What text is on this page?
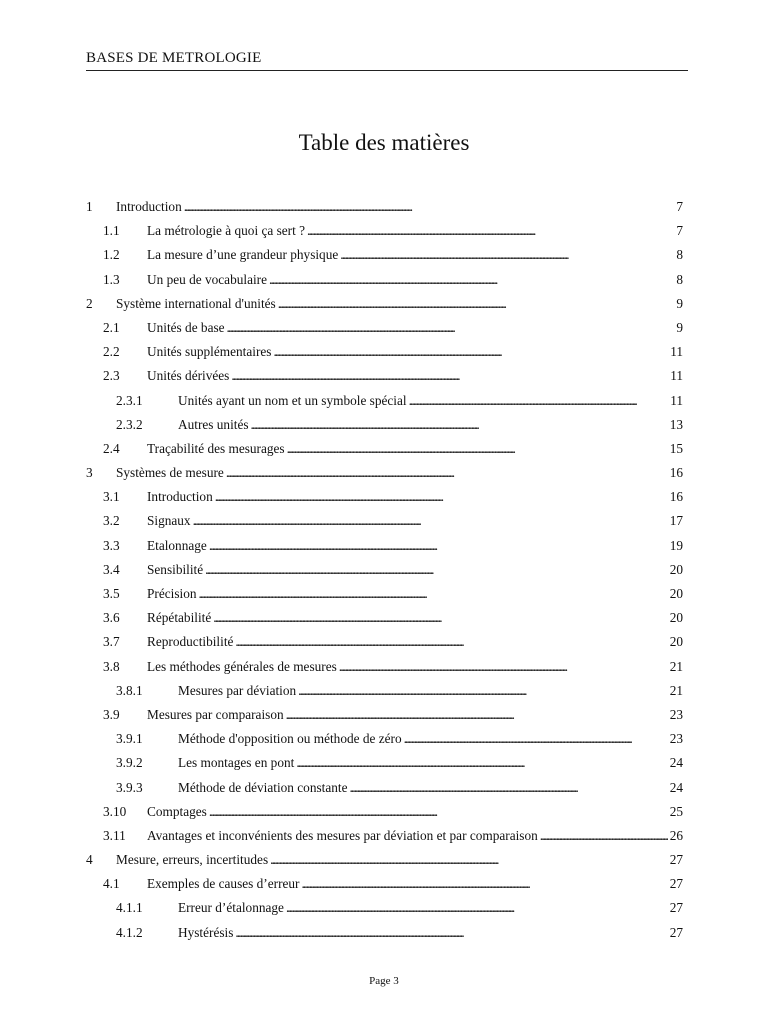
BASES DE METROLOGIE
Table des matières
1	Introduction . . .	7
1.1	La métrologie à quoi ça sert ? . . .	7
1.2	La mesure d’une grandeur physique . . .	8
1.3	Un peu de vocabulaire . . .	8
2	Système international d'unités . . .	9
2.1	Unités de base . . .	9
2.2	Unités supplémentaires . . .	11
2.3	Unités dérivées . . .	11
2.3.1	Unités ayant un nom et un symbole spécial . . .	11
2.3.2	Autres unités . . .	13
2.4	Traçabilité des mesurages . . .	15
3	Systèmes de mesure . . .	16
3.1	Introduction . . .	16
3.2	Signaux . . .	17
3.3	Etalonnage . . .	19
3.4	Sensibilité . . .	20
3.5	Précision . . .	20
3.6	Répétabilité . . .	20
3.7	Reproductibilité . . .	20
3.8	Les méthodes générales de mesures . . .	21
3.8.1	Mesures par déviation . . .	21
3.9	Mesures par comparaison . . .	23
3.9.1	Méthode d'opposition ou méthode de zéro . . .	23
3.9.2	Les montages en pont . . .	24
3.9.3	Méthode de déviation constante . . .	24
3.10	Comptages . . .	25
3.11	Avantages et inconvénients des mesures par déviation et par comparaison . . .	26
4	Mesure, erreurs, incertitudes . . .	27
4.1	Exemples de causes d’erreur . . .	27
4.1.1	Erreur d’étalonnage . . .	27
4.1.2	Hystérésis . . .	27
Page 3
